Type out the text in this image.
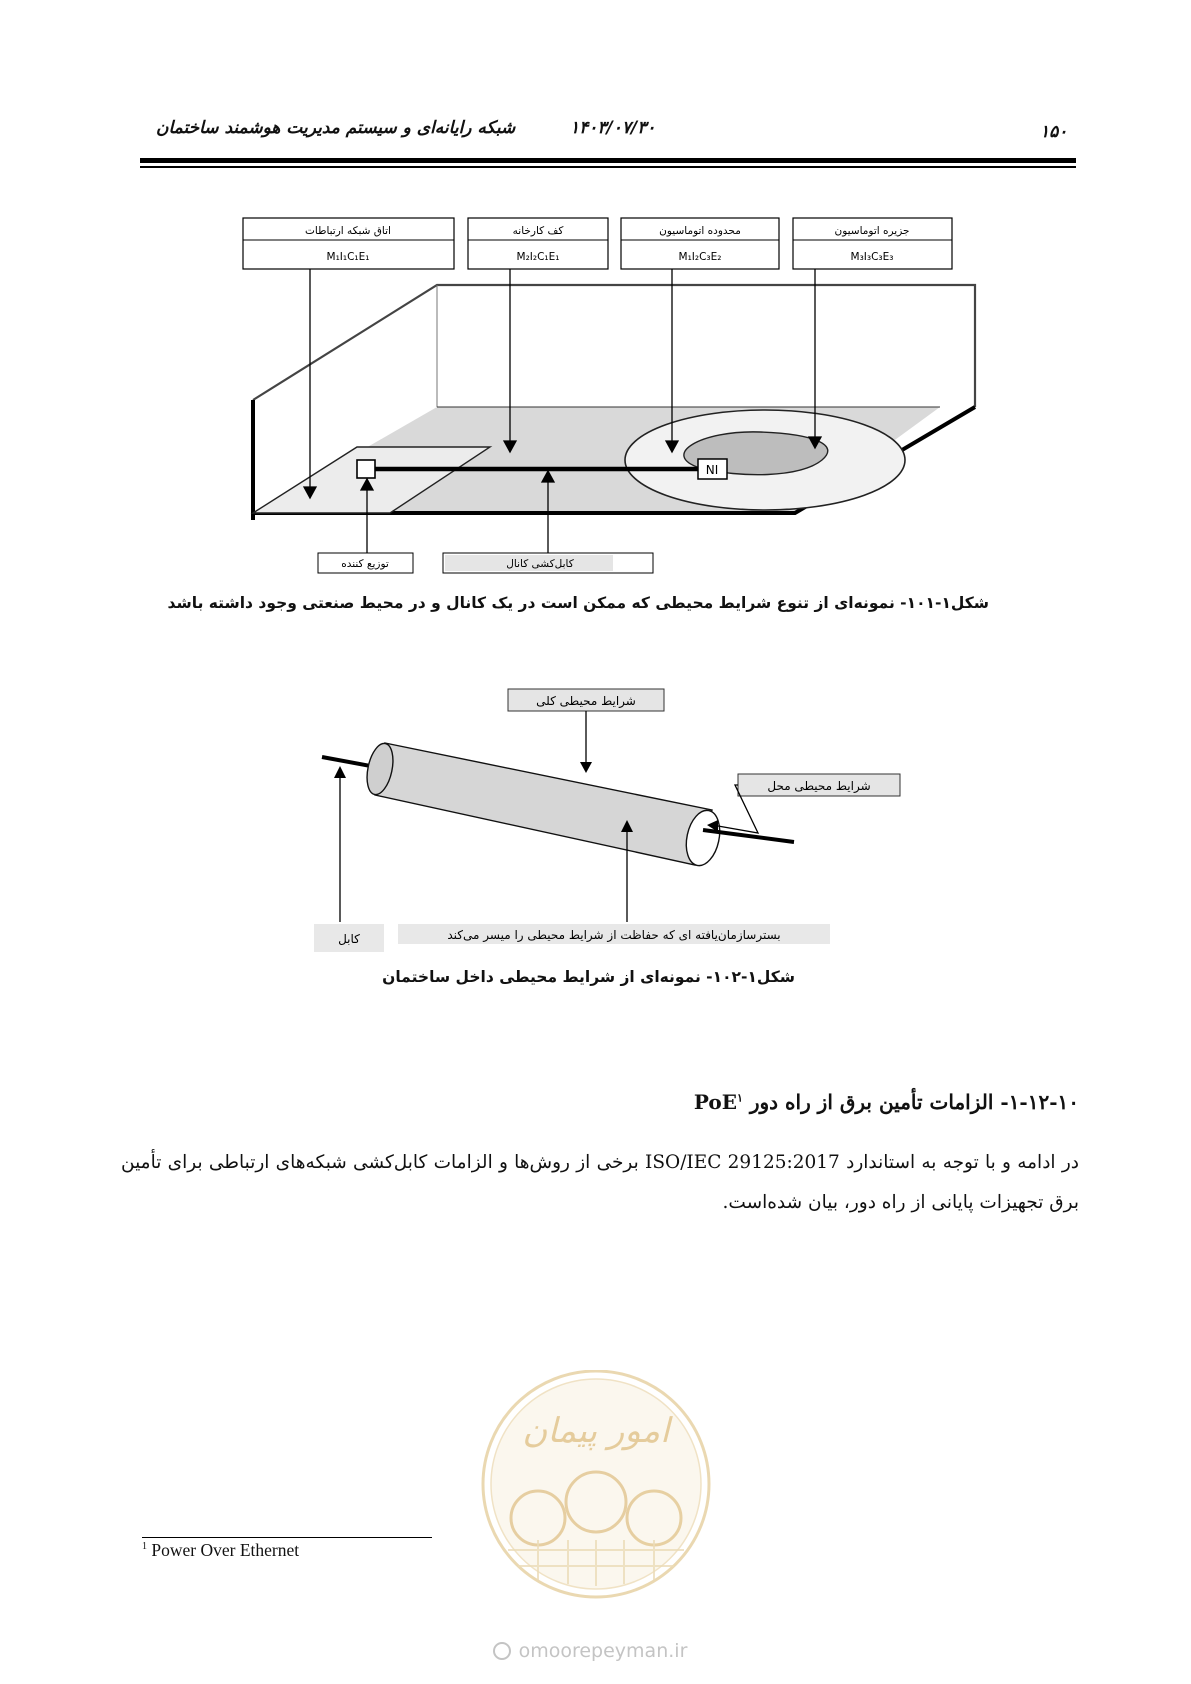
۱۵۰
۱۴۰۳/۰۷/۳۰
شبکه رایانه‌ای و سیستم مدیریت هوشمند ساختمان
NI
اتاق شبکه ارتباطات
M₁I₁C₁E₁
کف کارخانه
M₂I₂C₁E₁
محدوده اتوماسیون
M₁I₂C₃E₂
جزیره اتوماسیون
M₃I₃C₃E₃
توزیع کننده	کابل‌کشی کانال
شکل۱-۱۰۱- نمونه‌ای از تنوع شرایط محیطی که ممکن است در یک کانال و در محیط صنعتی وجود داشته باشد
شرایط محیطی کلی
شرایط محیطی محل
کابل	بسترسازمان‌یافته ای که حفاظت از شرایط محیطی را میسر می‌کند
شکل۱-۱۰۲- نمونه‌ای از شرایط محیطی داخل ساختمان
۱-۱۲-۱۰- الزامات تأمین برق از راه دور PoE$^۱$
در ادامه و با توجه به استاندارد ISO/IEC 29125:2017 برخی از روش‌ها و الزامات کابل‌کشی شبکه‌های ارتباطی برای تأمین برق تجهیزات پایانی از راه دور، بیان شده‌است.
امور پیمان
omoorepeyman.ir
$^1$ Power Over Ethernet
